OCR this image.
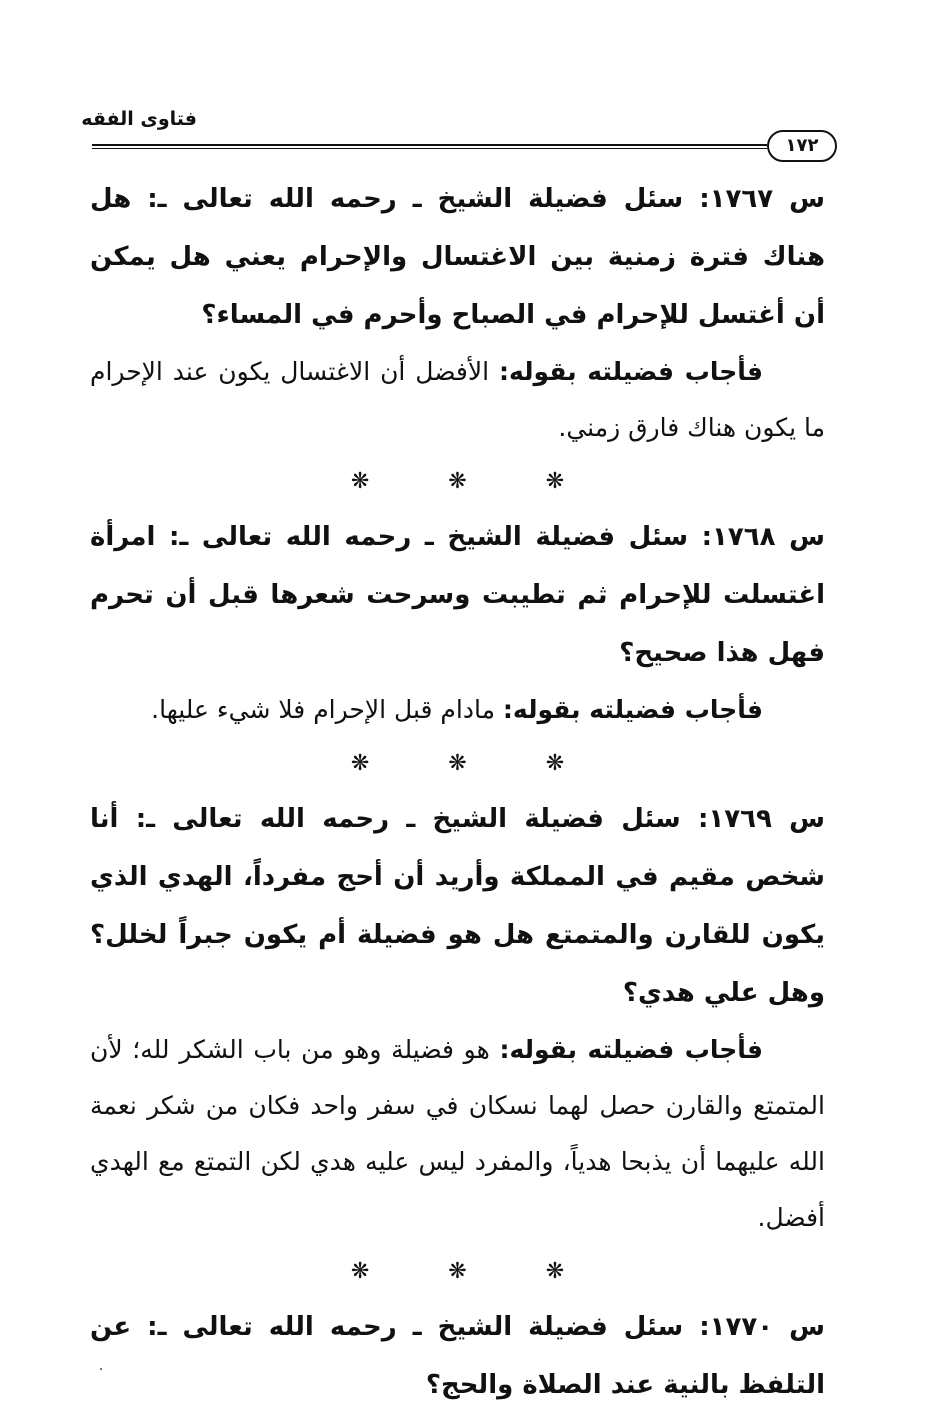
فتاوى الفقه
١٧٢

س ١٧٦٧: سئل فضيلة الشيخ ـ رحمه الله تعالى ـ: هل هناك فترة زمنية بين الاغتسال والإحرام يعني هل يمكن أن أغتسل للإحرام في الصباح وأحرم في المساء؟

فأجاب فضيلته بقوله: الأفضل أن الاغتسال يكون عند الإحرام ما يكون هناك فارق زمني.

❋ ❋ ❋

س ١٧٦٨: سئل فضيلة الشيخ ـ رحمه الله تعالى ـ: امرأة اغتسلت للإحرام ثم تطيبت وسرحت شعرها قبل أن تحرم فهل هذا صحيح؟

فأجاب فضيلته بقوله: مادام قبل الإحرام فلا شيء عليها.

❋ ❋ ❋

س ١٧٦٩: سئل فضيلة الشيخ ـ رحمه الله تعالى ـ: أنا شخص مقيم في المملكة وأريد أن أحج مفرداً، الهدي الذي يكون للقارن والمتمتع هل هو فضيلة أم يكون جبراً لخلل؟ وهل علي هدي؟

فأجاب فضيلته بقوله: هو فضيلة وهو من باب الشكر لله؛ لأن المتمتع والقارن حصل لهما نسكان في سفر واحد فكان من شكر نعمة الله عليهما أن يذبحا هدياً، والمفرد ليس عليه هدي لكن التمتع مع الهدي أفضل.

❋ ❋ ❋

س ١٧٧٠: سئل فضيلة الشيخ ـ رحمه الله تعالى ـ: عن التلفظ بالنية عند الصلاة والحج؟
